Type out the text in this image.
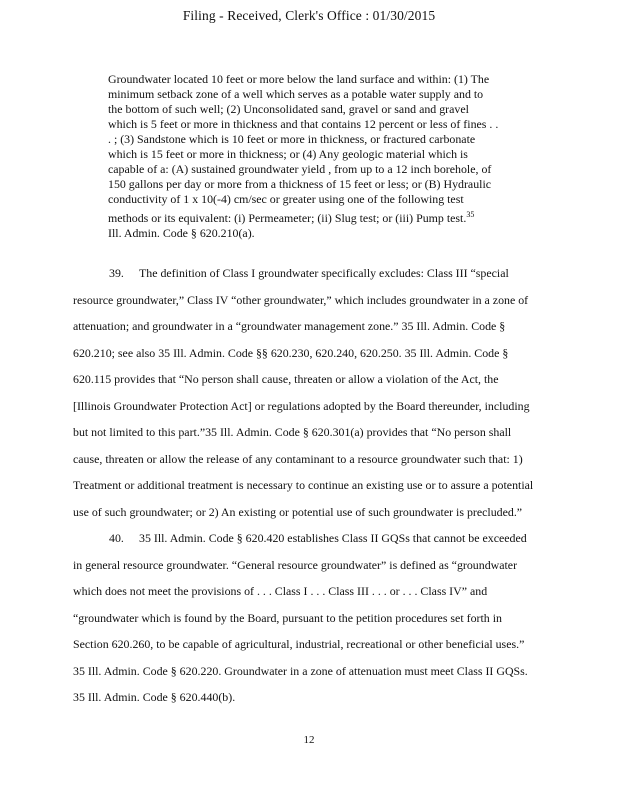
Filing - Received, Clerk's Office : 01/30/2015

Groundwater located 10 feet or more below the land surface and within: (1) The

minimum setback zone of a well which serves as a potable water supply and to

the bottom of such well; (2) Unconsolidated sand, gravel or sand and gravel

which is 5 feet or more in thickness and that contains 12 percent or less of fines . .

. ; (3) Sandstone which is 10 feet or more in thickness, or fractured carbonate

which is 15 feet or more in thickness; or (4) Any geologic material which is

capable of a: (A) sustained groundwater yield , from up to a 12 inch borehole, of

150 gallons per day or more from a thickness of 15 feet or less; or (B) Hydraulic

conductivity of 1 x 10(-4) cm/sec or greater using one of the following test

methods or its equivalent: (i) Permeameter; (ii) Slug test; or (iii) Pump test.$^{35}$

Ill. Admin. Code § 620.210(a).

39. The definition of Class I groundwater specifically excludes: Class III “special

resource groundwater,” Class IV “other groundwater,” which includes groundwater in a zone of

attenuation; and groundwater in a “groundwater management zone.” 35 Ill. Admin. Code §

620.210; see also 35 Ill. Admin. Code §§ 620.230, 620.240, 620.250. 35 Ill. Admin. Code §

620.115 provides that “No person shall cause, threaten or allow a violation of the Act, the

[Illinois Groundwater Protection Act] or regulations adopted by the Board thereunder, including

but not limited to this part.”35 Ill. Admin. Code § 620.301(a) provides that “No person shall

cause, threaten or allow the release of any contaminant to a resource groundwater such that: 1)

Treatment or additional treatment is necessary to continue an existing use or to assure a potential

use of such groundwater; or 2) An existing or potential use of such groundwater is precluded.”

40. 35 Ill. Admin. Code § 620.420 establishes Class II GQSs that cannot be exceeded

in general resource groundwater. “General resource groundwater” is defined as “groundwater

which does not meet the provisions of . . . Class I . . . Class III . . . or . . . Class IV” and

“groundwater which is found by the Board, pursuant to the petition procedures set forth in

Section 620.260, to be capable of agricultural, industrial, recreational or other beneficial uses.”

35 Ill. Admin. Code § 620.220. Groundwater in a zone of attenuation must meet Class II GQSs.

35 Ill. Admin. Code § 620.440(b).

12
